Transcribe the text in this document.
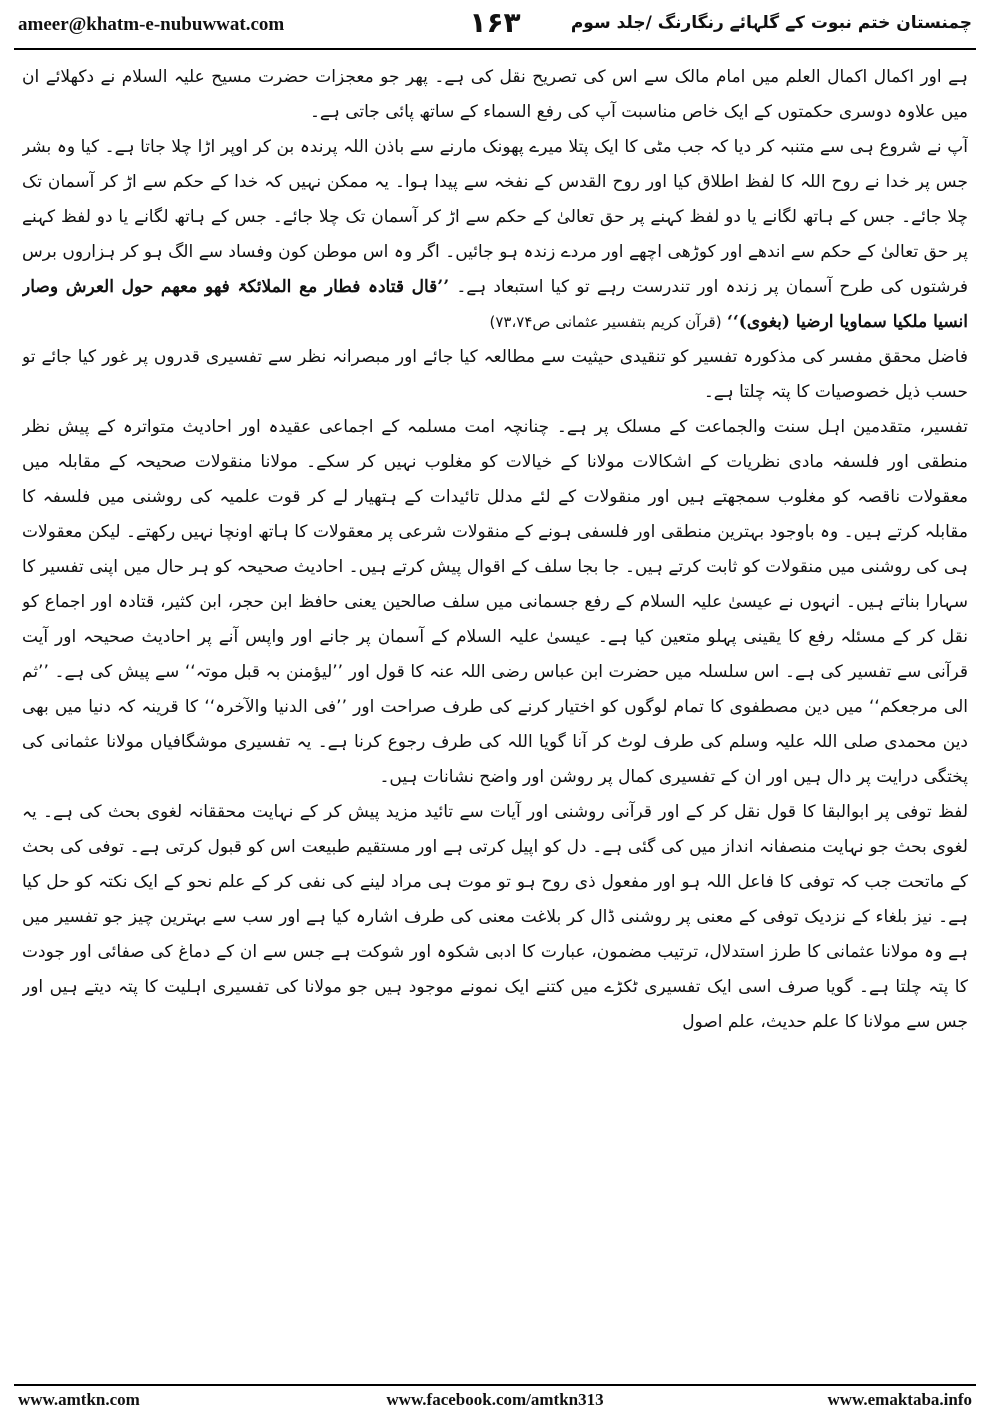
ameer@khatm-e-nubuwwat.com	۱۶۳	چمنستان ختم نبوت کے گلہائے رنگارنگ /جلد سوم

ہے اور اکمال اکمال العلم میں امام مالک سے اس کی تصریح نقل کی ہے۔ پھر جو معجزات حضرت مسیح علیہ السلام نے دکھلائے ان میں علاوہ دوسری حکمتوں کے ایک خاص مناسبت آپ کی رفع السماء کے ساتھ پائی جاتی ہے۔

آپ نے شروع ہی سے متنبہ کر دیا کہ جب مٹی کا ایک پتلا میرے پھونک مارنے سے باذن اللہ پرندہ بن کر اوپر اڑا چلا جاتا ہے۔ کیا وہ بشر جس پر خدا نے روح اللہ کا لفظ اطلاق کیا اور روح القدس کے نفخہ سے پیدا ہوا۔ یہ ممکن نہیں کہ خدا کے حکم سے اڑ کر آسمان تک چلا جائے۔ جس کے ہاتھ لگانے یا دو لفظ کہنے پر حق تعالیٰ کے حکم سے اڑ کر آسمان تک چلا جائے۔ جس کے ہاتھ لگانے یا دو لفظ کہنے پر حق تعالیٰ کے حکم سے اندھے اور کوڑھی اچھے اور مردے زندہ ہو جائیں۔ اگر وہ اس موطن کون وفساد سے الگ ہو کر ہزاروں برس فرشتوں کی طرح آسمان پر زندہ اور تندرست رہے تو کیا استبعاد ہے۔ ’’قال قتادہ فطار مع الملائکۃ فھو معھم حول العرش وصار انسیا ملکیا سماویا ارضیا (بغوی)‘‘ (قرآن کریم بتفسیر عثمانی ص۷۳،۷۴)

فاضل محقق مفسر کی مذکورہ تفسیر کو تنقیدی حیثیت سے مطالعہ کیا جائے اور مبصرانہ نظر سے تفسیری قدروں پر غور کیا جائے تو حسب ذیل خصوصیات کا پتہ چلتا ہے۔

تفسیر، متقدمین اہل سنت والجماعت کے مسلک پر ہے۔ چنانچہ امت مسلمہ کے اجماعی عقیدہ اور احادیث متواترہ کے پیش نظر منطقی اور فلسفہ مادی نظریات کے اشکالات مولانا کے خیالات کو مغلوب نہیں کر سکے۔ مولانا منقولات صحیحہ کے مقابلہ میں معقولات ناقصہ کو مغلوب سمجھتے ہیں اور منقولات کے لئے مدلل تائیدات کے ہتھیار لے کر قوت علمیہ کی روشنی میں فلسفہ کا مقابلہ کرتے ہیں۔ وہ باوجود بہترین منطقی اور فلسفی ہونے کے منقولات شرعی پر معقولات کا ہاتھ اونچا نہیں رکھتے۔ لیکن معقولات ہی کی روشنی میں منقولات کو ثابت کرتے ہیں۔ جا بجا سلف کے اقوال پیش کرتے ہیں۔ احادیث صحیحہ کو ہر حال میں اپنی تفسیر کا سہارا بناتے ہیں۔ انہوں نے عیسیٰ علیہ السلام کے رفع جسمانی میں سلف صالحین یعنی حافظ ابن حجر، ابن کثیر، قتادہ اور اجماع کو نقل کر کے مسئلہ رفع کا یقینی پہلو متعین کیا ہے۔ عیسیٰ علیہ السلام کے آسمان پر جانے اور واپس آنے پر احادیث صحیحہ اور آیت قرآنی سے تفسیر کی ہے۔ اس سلسلہ میں حضرت ابن عباس رضی اللہ عنہ کا قول اور ’’لیؤمنن بہ قبل موتہ‘‘ سے پیش کی ہے۔ ’’ثم الی مرجعکم‘‘ میں دین مصطفوی کا تمام لوگوں کو اختیار کرنے کی طرف صراحت اور ’’فی الدنیا والآخرہ‘‘ کا قرینہ کہ دنیا میں بھی دین محمدی صلی اللہ علیہ وسلم کی طرف لوٹ کر آنا گویا اللہ کی طرف رجوع کرنا ہے۔ یہ تفسیری موشگافیاں مولانا عثمانی کی پختگی درایت پر دال ہیں اور ان کے تفسیری کمال پر روشن اور واضح نشانات ہیں۔

لفظ توفی پر ابوالبقا کا قول نقل کر کے اور قرآنی روشنی اور آیات سے تائید مزید پیش کر کے نہایت محققانہ لغوی بحث کی ہے۔ یہ لغوی بحث جو نہایت منصفانہ انداز میں کی گئی ہے۔ دل کو اپیل کرتی ہے اور مستقیم طبیعت اس کو قبول کرتی ہے۔ توفی کی بحث کے ماتحت جب کہ توفی کا فاعل اللہ ہو اور مفعول ذی روح ہو تو موت ہی مراد لینے کی نفی کر کے علم نحو کے ایک نکتہ کو حل کیا ہے۔ نیز بلغاء کے نزدیک توفی کے معنی پر روشنی ڈال کر بلاغت معنی کی طرف اشارہ کیا ہے اور سب سے بہترین چیز جو تفسیر میں ہے وہ مولانا عثمانی کا طرز استدلال، ترتیب مضمون، عبارت کا ادبی شکوہ اور شوکت ہے جس سے ان کے دماغ کی صفائی اور جودت کا پتہ چلتا ہے۔ گویا صرف اسی ایک تفسیری ٹکڑے میں کتنے ایک نمونے موجود ہیں جو مولانا کی تفسیری اہلیت کا پتہ دیتے ہیں اور جس سے مولانا کا علم حدیث، علم اصول

www.amtkn.com	www.facebook.com/amtkn313	www.emaktaba.info
